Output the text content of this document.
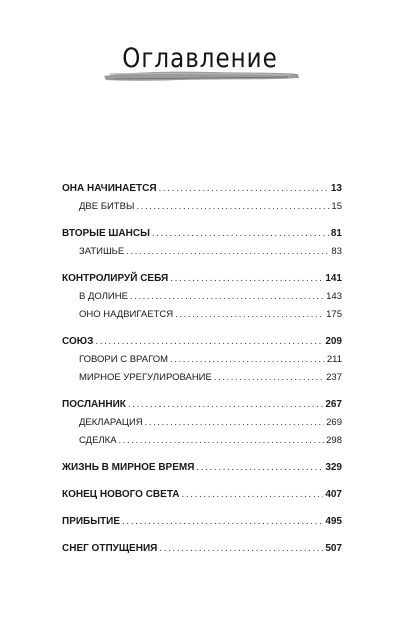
Оглавление
ОНА НАЧИНАЕТСЯ .....	13
ДВЕ БИТВЫ .....	15
ВТОРЫЕ ШАНСЫ .....	81
ЗАТИШЬЕ .....	83
КОНТРОЛИРУЙ СЕБЯ .....	141
В ДОЛИНЕ .....	143
ОНО НАДВИГАЕТСЯ .....	175
СОЮЗ .....	209
ГОВОРИ С ВРАГОМ .....	211
МИРНОЕ УРЕГУЛИРОВАНИЕ .....	237
ПОСЛАННИК .....	267
ДЕКЛАРАЦИЯ .....	269
СДЕЛКА .....	298
ЖИЗНЬ В МИРНОЕ ВРЕМЯ .....	329
КОНЕЦ НОВОГО СВЕТА .....	407
ПРИБЫТИЕ .....	495
СНЕГ ОТПУЩЕНИЯ .....	507
